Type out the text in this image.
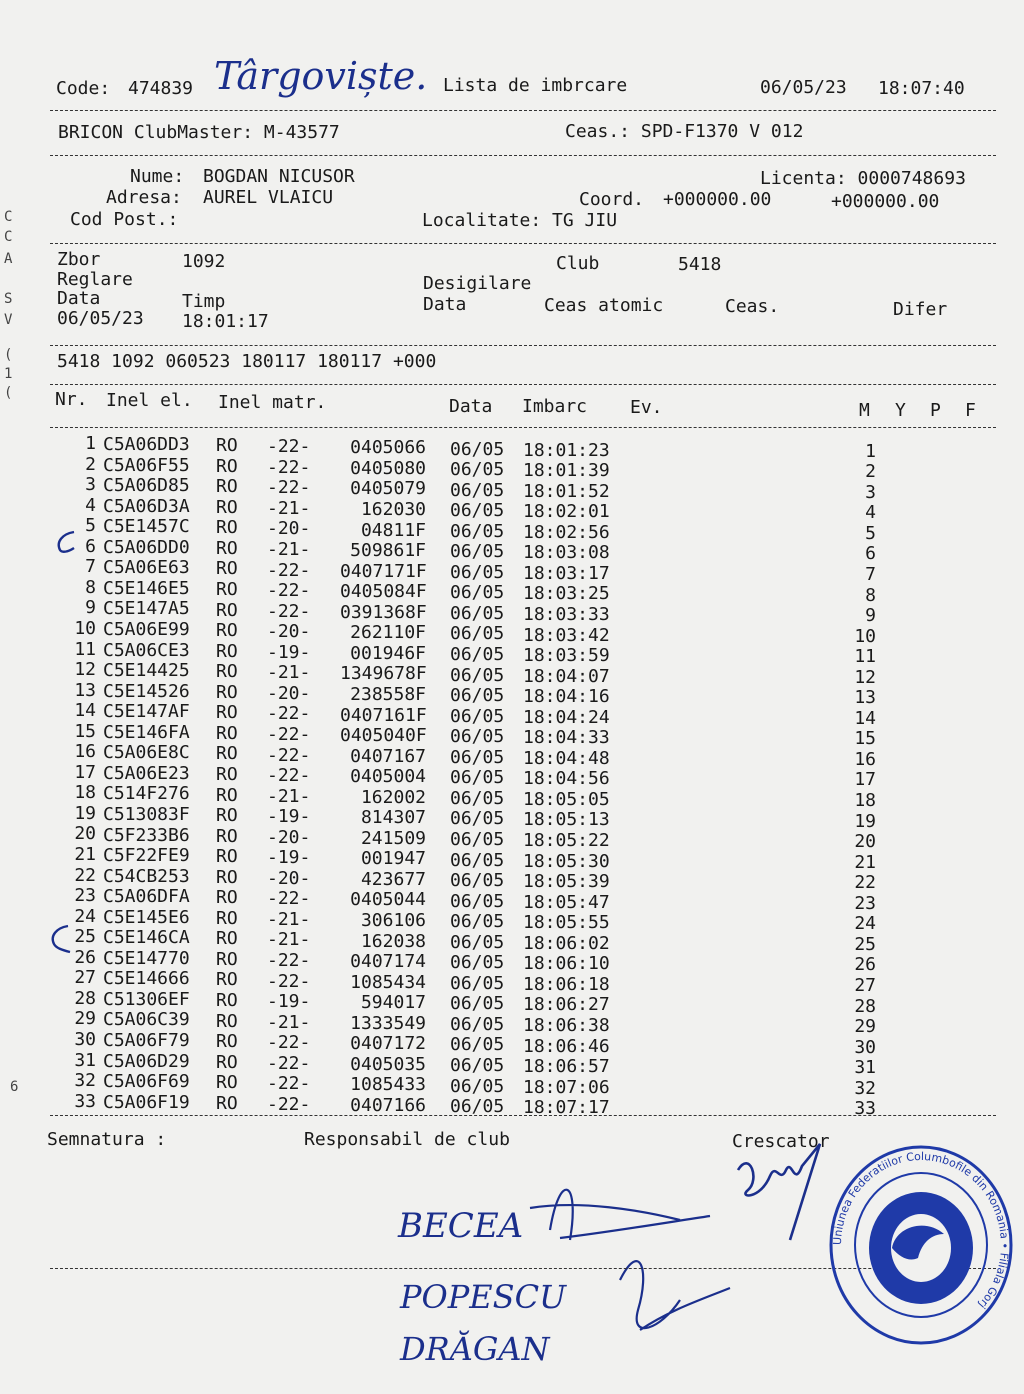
C
C
A
S
V
(
1
(
Code: 474839 Târgoviște. Lista de imbrcare	06/05/23 18:07:40
BRICON ClubMaster: M-43577	Ceas.: SPD-F1370 V 012
Nume: BOGDAN NICUSOR	Licenta: 0000748693
Adresa: AUREL VLAICU	Coord. +000000.00	+000000.00
Cod Post.:	Localitate: TG JIU
Zbor	1092	Club	5418
Reglare	Desigilare
Data	Timp	Data	Ceas atomic	Ceas.	Difer
06/05/23 18:01:17
5418 1092 060523 180117 180117 +000
Nr. Inel el. Inel matr.	Data Imbarc Ev.	M Y P F
1 C5A06DD3 RO -22-	0405066 06/05 18:01:23	1
2 C5A06F55 RO -22-	0405080 06/05 18:01:39	2
3 C5A06D85 RO -22-	0405079 06/05 18:01:52	3
4 C5A06D3A RO -21-	162030 06/05 18:02:01	4
5 C5E1457C RO -20-	04811F 06/05 18:02:56	5
6 C5A06DD0 RO -21-	509861F 06/05 18:03:08	6
7 C5A06E63 RO -22- 0407171F 06/05 18:03:17	7
8 C5E146E5 RO -22- 0405084F 06/05 18:03:25	8
9 C5E147A5 RO -22- 0391368F 06/05 18:03:33	9
10 C5A06E99 RO -20-	262110F 06/05 18:03:42	10
11 C5A06CE3 RO -19-	001946F 06/05 18:03:59	11
12 C5E14425 RO -21- 1349678F 06/05 18:04:07	12
13 C5E14526 RO -20-	238558F 06/05 18:04:16	13
14 C5E147AF RO -22- 0407161F 06/05 18:04:24	14
15 C5E146FA RO -22- 0405040F 06/05 18:04:33	15
16 C5A06E8C RO -22-	0407167 06/05 18:04:48	16
17 C5A06E23 RO -22-	0405004 06/05 18:04:56	17
18 C514F276 RO -21-	162002 06/05 18:05:05	18
19 C513083F RO -19-	814307 06/05 18:05:13	19
20 C5F233B6 RO -20-	241509 06/05 18:05:22	20
21 C5F22FE9 RO -19-	001947 06/05 18:05:30	21
22 C54CB253 RO -20-	423677 06/05 18:05:39	22
23 C5A06DFA RO -22-	0405044 06/05 18:05:47	23
24 C5E145E6 RO -21-	306106 06/05 18:05:55	24
25 C5E146CA RO -21-	162038 06/05 18:06:02	25
26 C5E14770 RO -22-	0407174 06/05 18:06:10	26
27 C5E14666 RO -22-	1085434 06/05 18:06:18	27
28 C51306EF RO -19-	594017 06/05 18:06:27	28
29 C5A06C39 RO -21-	1333549 06/05 18:06:38	29
30 C5A06F79 RO -22-	0407172 06/05 18:06:46	30
31 C5A06D29 RO -22-	0405035 06/05 18:06:57	31
32 C5A06F69 RO -22-	1085433 06/05 18:07:06	32
33 C5A06F19 RO -22-	0407166 06/05 18:07:17	33
Semnatura :	Responsabil de club	Crescator
BECEA
POPESCU
DRĂGAN
Uniunea Federatiilor Columbofile din Romania • Filiala Gorj
6
